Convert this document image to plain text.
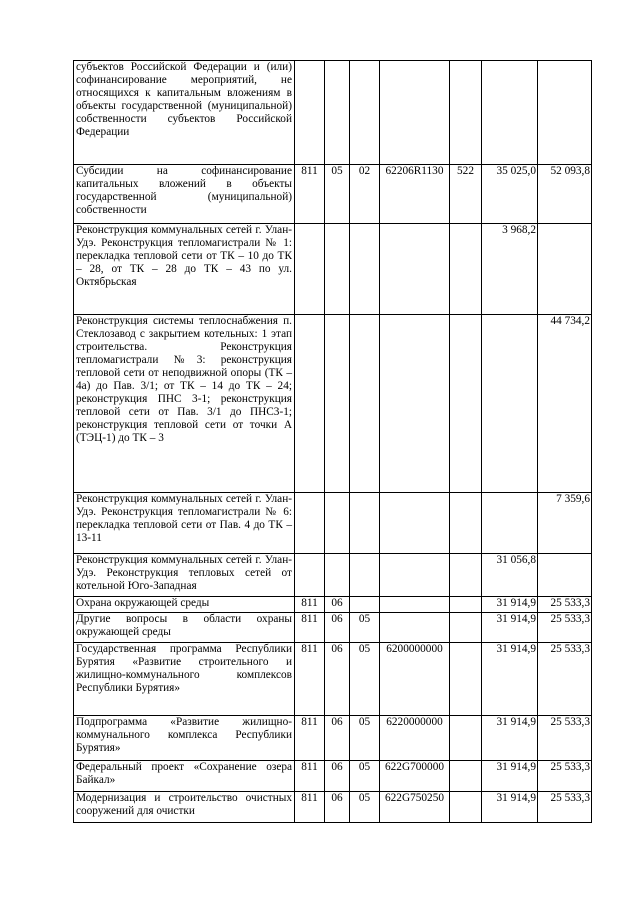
субъектов Российской Федерации и (или) софинансирование мероприятий, не относящихся к капитальным вложениям в объекты государственной (муниципальной) собственности субъектов Российской Федерации							
Субсидии на софинансирование капитальных вложений в объекты государственной (муниципальной) собственности	811	05	02	62206R1130	522	35 025,0	52 093,8
Реконструкция коммунальных сетей г. Улан-Удэ. Реконструкция тепломагистрали № 1: перекладка тепловой сети от ТК – 10 до ТК – 28, от ТК – 28 до ТК – 43 по ул. Октябрьская						3 968,2	
Реконструкция системы теплоснабжения п. Стеклозавод с закрытием котельных: 1 этап строительства. Реконструкция тепломагистрали №3: реконструкция тепловой сети от неподвижной опоры (ТК – 4а) до Пав. 3/1; от ТК – 14 до ТК – 24; реконструкция ПНС 3-1; реконструкция тепловой сети от Пав. 3/1 до ПНС3-1; реконструкция тепловой сети от точки А (ТЭЦ-1) до ТК – 3							44 734,2
Реконструкция коммунальных сетей г. Улан-Удэ. Реконструкция тепломагистрали № 6: перекладка тепловой сети от Пав. 4 до ТК – 13-11							7 359,6
Реконструкция коммунальных сетей г. Улан-Удэ. Реконструкция тепловых сетей от котельной Юго-Западная						31 056,8	
Охрана окружающей среды	811	06				31 914,9	25 533,3
Другие вопросы в области охраны окружающей среды	811	06	05			31 914,9	25 533,3
Государственная программа Республики Бурятия «Развитие строительного и жилищно-коммунального комплексов Республики Бурятия»	811	06	05	6200000000		31 914,9	25 533,3
Подпрограмма «Развитие жилищно-коммунального комплекса Республики Бурятия»	811	06	05	6220000000		31 914,9	25 533,3
Федеральный проект «Сохранение озера Байкал»	811	06	05	622G700000		31 914,9	25 533,3
Модернизация и строительство очистных сооружений для очистки	811	06	05	622G750250		31 914,9	25 533,3
